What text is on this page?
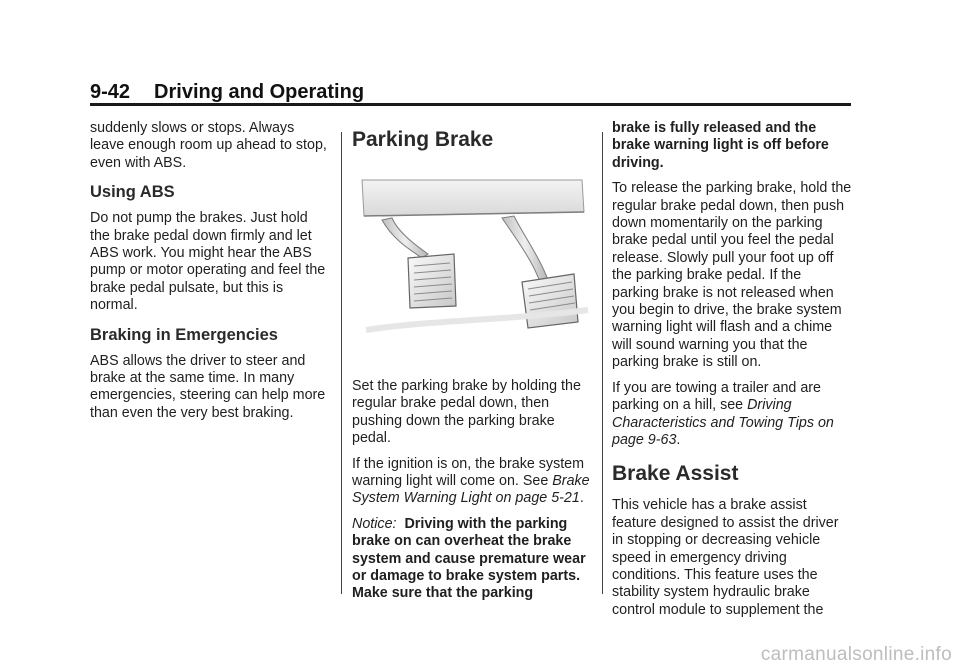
9-42 Driving and Operating

suddenly slows or stops. Always leave enough room up ahead to stop, even with ABS.

Using ABS

Do not pump the brakes. Just hold the brake pedal down firmly and let ABS work. You might hear the ABS pump or motor operating and feel the brake pedal pulsate, but this is normal.

Braking in Emergencies

ABS allows the driver to steer and brake at the same time. In many emergencies, steering can help more than even the very best braking.

Parking Brake

Set the parking brake by holding the regular brake pedal down, then pushing down the parking brake pedal.

If the ignition is on, the brake system warning light will come on. See Brake System Warning Light on page 5-21.

Notice: Driving with the parking brake on can overheat the brake system and cause premature wear or damage to brake system parts. Make sure that the parking

brake is fully released and the brake warning light is off before driving.

To release the parking brake, hold the regular brake pedal down, then push down momentarily on the parking brake pedal until you feel the pedal release. Slowly pull your foot up off the parking brake pedal. If the parking brake is not released when you begin to drive, the brake system warning light will flash and a chime will sound warning you that the parking brake is still on.

If you are towing a trailer and are parking on a hill, see Driving Characteristics and Towing Tips on page 9-63.

Brake Assist

This vehicle has a brake assist feature designed to assist the driver in stopping or decreasing vehicle speed in emergency driving conditions. This feature uses the stability system hydraulic brake control module to supplement the

carmanualsonline.info
